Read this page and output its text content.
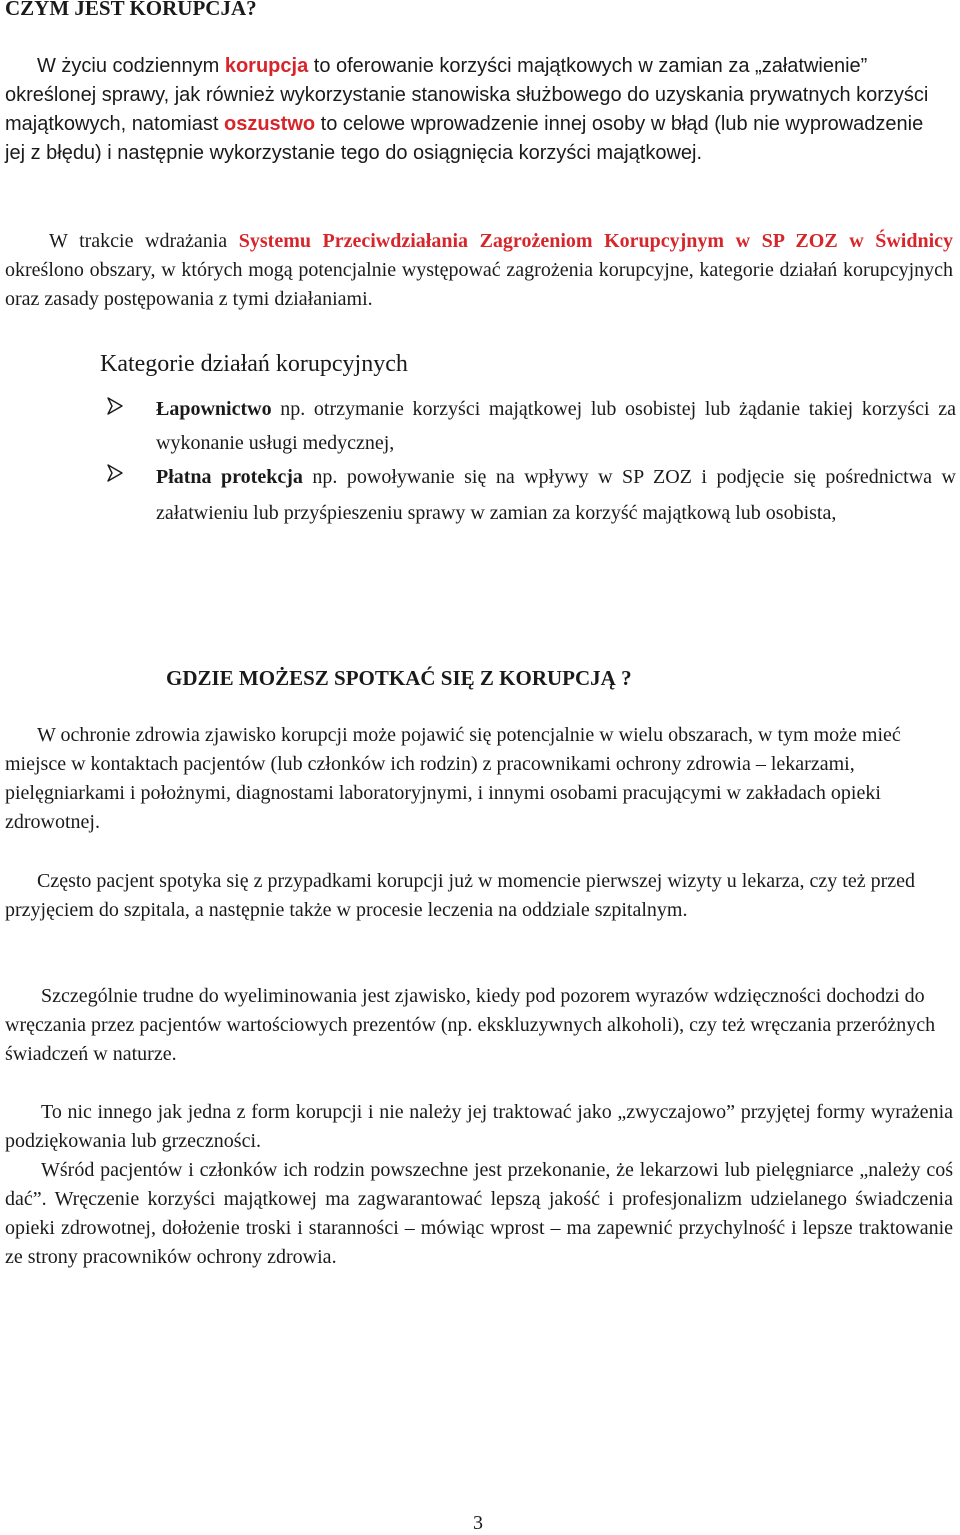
CZYM JEST KORUPCJA?

W życiu codziennym korupcja to oferowanie korzyści majątkowych w zamian za „załatwienie” określonej sprawy, jak również wykorzystanie stanowiska służbowego do uzyskania prywatnych korzyści majątkowych, natomiast oszustwo to celowe wprowadzenie innej osoby w błąd (lub nie wyprowadzenie jej z błędu) i następnie wykorzystanie tego do osiągnięcia korzyści majątkowej.

W trakcie wdrażania Systemu Przeciwdziałania Zagrożeniom Korupcyjnym w SP ZOZ w Świdnicy określono obszary, w których mogą potencjalnie występować zagrożenia korupcyjne, kategorie działań korupcyjnych oraz zasady postępowania z tymi działaniami.

Kategorie działań korupcyjnych

Łapownictwo np. otrzymanie korzyści majątkowej lub osobistej lub żądanie takiej korzyści za wykonanie usługi medycznej,

Płatna protekcja np. powoływanie się na wpływy w SP ZOZ i podjęcie się pośrednictwa w załatwieniu lub przyśpieszeniu sprawy w zamian za korzyść majątkową lub osobista,

GDZIE MOŻESZ SPOTKAĆ SIĘ Z KORUPCJĄ ?

W ochronie zdrowia zjawisko korupcji może pojawić się potencjalnie w wielu obszarach, w tym może mieć miejsce w kontaktach pacjentów (lub członków ich rodzin) z pracownikami ochrony zdrowia – lekarzami, pielęgniarkami i położnymi, diagnostami laboratoryjnymi, i innymi osobami pracującymi w zakładach opieki zdrowotnej.

Często pacjent spotyka się z przypadkami korupcji już w momencie pierwszej wizyty u lekarza, czy też przed przyjęciem do szpitala, a następnie także w procesie leczenia na oddziale szpitalnym.

Szczególnie trudne do wyeliminowania jest zjawisko, kiedy pod pozorem wyrazów wdzięczności dochodzi do wręczania przez pacjentów wartościowych prezentów (np. ekskluzywnych alkoholi), czy też wręczania przeróżnych świadczeń w naturze.

To nic innego jak jedna z form korupcji i nie należy jej traktować jako „zwyczajowo” przyjętej formy wyrażenia podziękowania lub grzeczności.

Wśród pacjentów i członków ich rodzin powszechne jest przekonanie, że lekarzowi lub pielęgniarce „należy coś dać”. Wręczenie korzyści majątkowej ma zagwarantować lepszą jakość i profesjonalizm udzielanego świadczenia opieki zdrowotnej, dołożenie troski i staranności – mówiąc wprost – ma zapewnić przychylność i lepsze traktowanie ze strony pracowników ochrony zdrowia.

3
